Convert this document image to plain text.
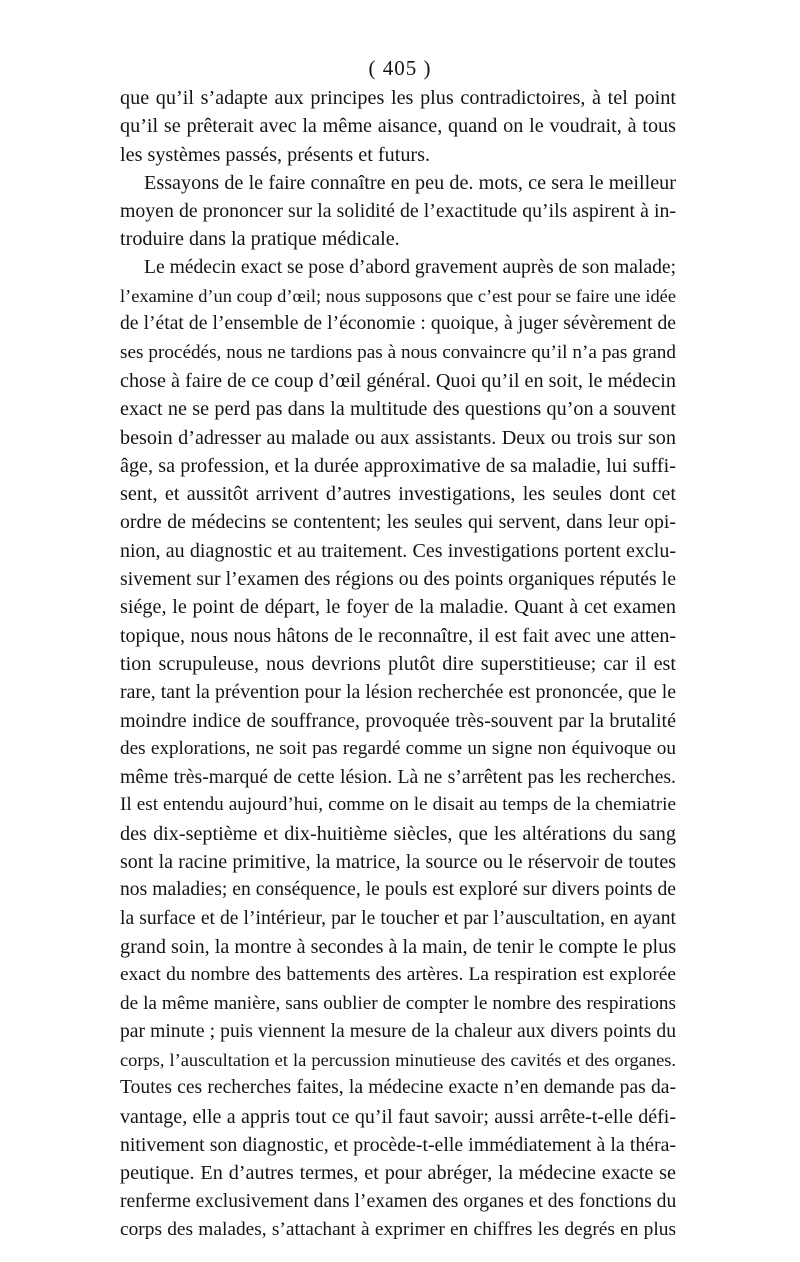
( 405 )
que qu’il s’adapte aux principes les plus contradictoires, à tel point
qu’il se prêterait avec la même aisance, quand on le voudrait, à tous
les systèmes passés, présents et futurs.
Essayons de le faire connaître en peu de. mots, ce sera le meilleur
moyen de prononcer sur la solidité de l’exactitude qu’ils aspirent à in-
troduire dans la pratique médicale.
Le médecin exact se pose d’abord gravement auprès de son malade;
l’examine d’un coup d’œil; nous supposons que c’est pour se faire une idée
de l’état de l’ensemble de l’économie : quoique, à juger sévèrement de
ses procédés, nous ne tardions pas à nous convaincre qu’il n’a pas grand
chose à faire de ce coup d’œil général. Quoi qu’il en soit, le médecin
exact ne se perd pas dans la multitude des questions qu’on a souvent
besoin d’adresser au malade ou aux assistants. Deux ou trois sur son
âge, sa profession, et la durée approximative de sa maladie, lui suffi-
sent, et aussitôt arrivent d’autres investigations, les seules dont cet
ordre de médecins se contentent; les seules qui servent, dans leur opi-
nion, au diagnostic et au traitement. Ces investigations portent exclu-
sivement sur l’examen des régions ou des points organiques réputés le
siége, le point de départ, le foyer de la maladie. Quant à cet examen
topique, nous nous hâtons de le reconnaître, il est fait avec une atten-
tion scrupuleuse, nous devrions plutôt dire superstitieuse; car il est
rare, tant la prévention pour la lésion recherchée est prononcée, que le
moindre indice de souffrance, provoquée très-souvent par la brutalité
des explorations, ne soit pas regardé comme un signe non équivoque ou
même très-marqué de cette lésion. Là ne s’arrêtent pas les recherches.
Il est entendu aujourd’hui, comme on le disait au temps de la chemiatrie
des dix-septième et dix-huitième siècles, que les altérations du sang
sont la racine primitive, la matrice, la source ou le réservoir de toutes
nos maladies; en conséquence, le pouls est exploré sur divers points de
la surface et de l’intérieur, par le toucher et par l’auscultation, en ayant
grand soin, la montre à secondes à la main, de tenir le compte le plus
exact du nombre des battements des artères. La respiration est explorée
de la même manière, sans oublier de compter le nombre des respirations
par minute ; puis viennent la mesure de la chaleur aux divers points du
corps, l’auscultation et la percussion minutieuse des cavités et des organes.
Toutes ces recherches faites, la médecine exacte n’en demande pas da-
vantage, elle a appris tout ce qu’il faut savoir; aussi arrête-t-elle défi-
nitivement son diagnostic, et procède-t-elle immédiatement à la théra-
peutique. En d’autres termes, et pour abréger, la médecine exacte se
renferme exclusivement dans l’examen des organes et des fonctions du
corps des malades, s’attachant à exprimer en chiffres les degrés en plus
